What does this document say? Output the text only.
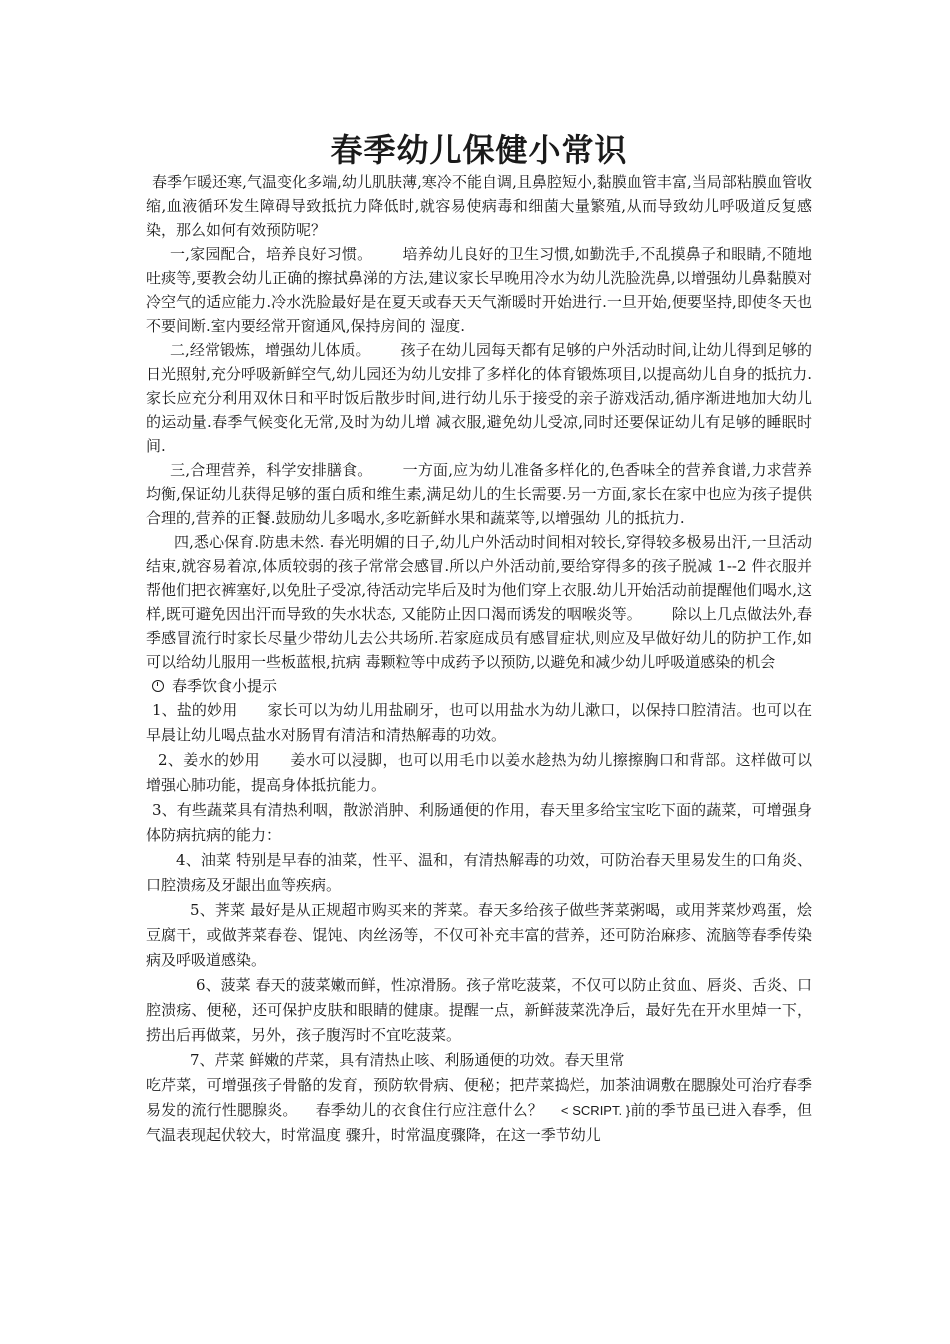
春季幼儿保健小常识

春季乍暖还寒,气温变化多端,幼儿肌肤薄,寒冷不能自调,且鼻腔短小,黏膜血管丰富,当局部粘膜血管收缩,血液循环发生障碍导致抵抗力降低时,就容易使病毒和细菌大量繁殖,从而导致幼儿呼吸道反复感染，那么如何有效预防呢？

一,家园配合，培养良好习惯。 培养幼儿良好的卫生习惯,如勤洗手,不乱摸鼻子和眼睛,不随地吐痰等,要教会幼儿正确的擦拭鼻涕的方法,建议家长早晚用冷水为幼儿洗脸洗鼻,以增强幼儿鼻黏膜对冷空气的适应能力.冷水洗脸最好是在夏天或春天天气渐暖时开始进行.一旦开始,便要坚持,即使冬天也不要间断.室内要经常开窗通风,保持房间的 湿度.

二,经常锻炼，增强幼儿体质。 孩子在幼儿园每天都有足够的户外活动时间,让幼儿得到足够的日光照射,充分呼吸新鲜空气,幼儿园还为幼儿安排了多样化的体育锻炼项目,以提高幼儿自身的抵抗力.家长应充分利用双休日和平时饭后散步时间,进行幼儿乐于接受的亲子游戏活动,循序渐进地加大幼儿的运动量.春季气候变化无常,及时为幼儿增 减衣服,避免幼儿受凉,同时还要保证幼儿有足够的睡眠时间.

三,合理营养，科学安排膳食。 一方面,应为幼儿准备多样化的,色香味全的营养食谱,力求营养均衡,保证幼儿获得足够的蛋白质和维生素,满足幼儿的生长需要.另一方面,家长在家中也应为孩子提供合理的,营养的正餐.鼓励幼儿多喝水,多吃新鲜水果和蔬菜等,以增强幼 儿的抵抗力.

四,悉心保育.防患未然. 春光明媚的日子,幼儿户外活动时间相对较长,穿得较多极易出汗,一旦活动结束,就容易着凉,体质较弱的孩子常常会感冒.所以户外活动前,要给穿得多的孩子脱减 1--2 件衣服并帮他们把衣裤塞好,以免肚子受凉,待活动完毕后及时为他们穿上衣服.幼儿开始活动前提醒他们喝水,这样,既可避免因出汗而导致的失水状态, 又能防止因口渴而诱发的咽喉炎等。 除以上几点做法外,春季感冒流行时家长尽量少带幼儿去公共场所.若家庭成员有感冒症状,则应及早做好幼儿的防护工作,如可以给幼儿服用一些板蓝根,抗病 毒颗粒等中成药予以预防,以避免和减少幼儿呼吸道感染的机会

春季饮食小提示

1、盐的妙用 家长可以为幼儿用盐刷牙，也可以用盐水为幼儿漱口，以保持口腔清洁。也可以在早晨让幼儿喝点盐水对肠胃有清洁和清热解毒的功效。

2、姜水的妙用 姜水可以浸脚，也可以用毛巾以姜水趁热为幼儿擦擦胸口和背部。这样做可以增强心肺功能，提高身体抵抗能力。

3、有些蔬菜具有清热利咽，散淤消肿、利肠通便的作用，春天里多给宝宝吃下面的蔬菜，可增强身体防病抗病的能力：

4、油菜 特别是早春的油菜，性平、温和，有清热解毒的功效，可防治春天里易发生的口角炎、口腔溃疡及牙龈出血等疾病。

5、荠菜 最好是从正规超市购买来的荠菜。春天多给孩子做些荠菜粥喝，或用荠菜炒鸡蛋，烩豆腐干，或做荠菜春卷、馄饨、肉丝汤等，不仅可补充丰富的营养，还可防治麻疹、流脑等春季传染病及呼吸道感染。

6、菠菜 春天的菠菜嫩而鲜，性凉滑肠。孩子常吃菠菜，不仅可以防止贫血、唇炎、舌炎、口腔溃疡、便秘，还可保护皮肤和眼睛的健康。提醒一点，新鲜菠菜洗净后，最好先在开水里焯一下，捞出后再做菜，另外，孩子腹泻时不宜吃菠菜。

7、芹菜 鲜嫩的芹菜，具有清热止咳、利肠通便的功效。春天里常

吃芹菜，可增强孩子骨骼的发育，预防软骨病、便秘；把芹菜捣烂，加茶油调敷在腮腺处可治疗春季易发的流行性腮腺炎。 春季幼儿的衣食住行应注意什么？ < SCRIPT. }前的季节虽已进入春季，但气温表现起伏较大，时常温度 骤升，时常温度骤降，在这一季节幼儿
